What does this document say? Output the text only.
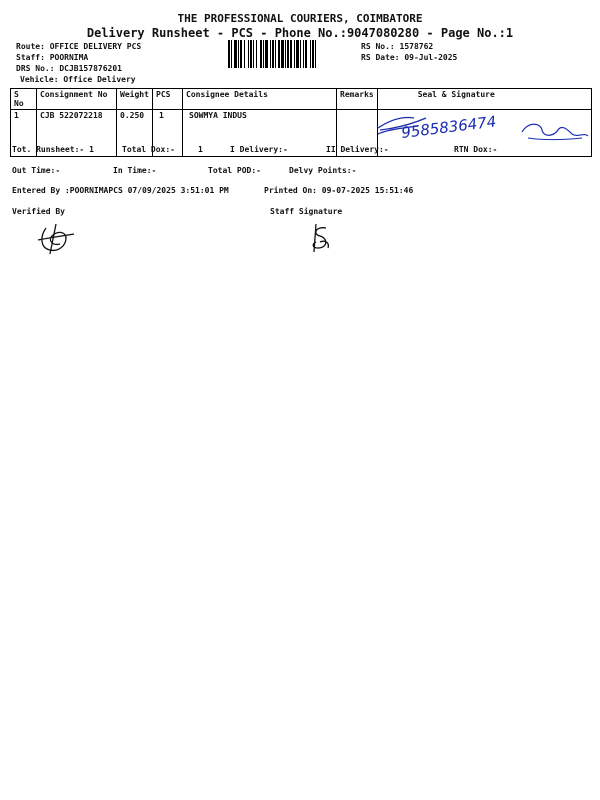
THE PROFESSIONAL COURIERS, COIMBATORE
Delivery Runsheet - PCS - Phone No.:9047080280 - Page No.:1
Route: OFFICE DELIVERY PCS
Staff: POORNIMA
DRS No.: DCJB157876201
Vehicle: Office Delivery
RS No.: 1578762
RS Date: 09-Jul-2025
S No	Consignment No	Weight	PCS	Consignee Details	Remarks	Seal & Signature
1	CJB 522072218	0.250	1	SOWMYA INDUS			9585836474
Tot. Runsheet:- 1	Total Dox:-	1	I Delivery:-	II Delivery:-	RTN Dox:-
Out Time:-	In Time:-	Total POD:-	Delvy Points:-
Entered By :POORNIMAPCS 07/09/2025 3:51:01 PM	Printed On: 09-07-2025 15:51:46
Verified By	Staff Signature
